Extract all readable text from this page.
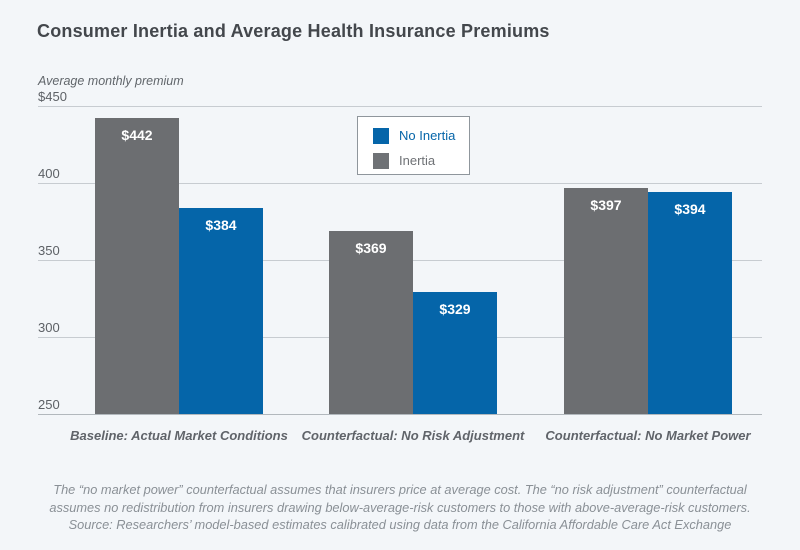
Consumer Inertia and Average Health Insurance Premiums
Average monthly premium
$450
400
350
300
250
$442
$384
Baseline: Actual Market Conditions
$369
$329
Counterfactual: No Risk Adjustment
$397	$394
Counterfactual: No Market Power
No Inertia
Inertia
The “no market power” counterfactual assumes that insurers price at average cost. The “no risk adjustment” counterfactual
assumes no redistribution from insurers drawing below-average-risk customers to those with above-average-risk customers.
Source: Researchers’ model-based estimates calibrated using data from the California Affordable Care Act Exchange
